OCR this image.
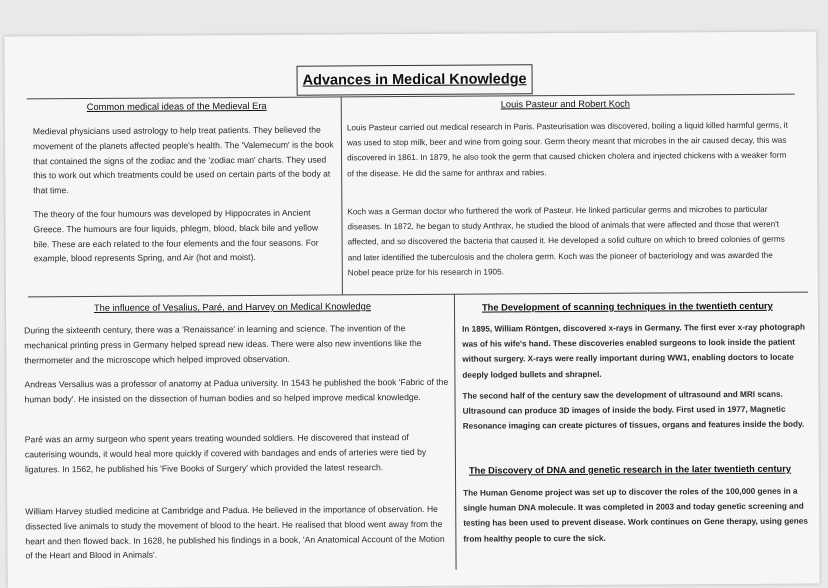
Advances in Medical Knowledge
Common medical ideas of the Medieval Era
Medieval physicians used astrology to help treat patients. They believed the movement of the planets affected people's health. The 'Valemecum' is the book that contained the signs of the zodiac and the 'zodiac man' charts. They used this to work out which treatments could be used on certain parts of the body at that time.
The theory of the four humours was developed by Hippocrates in Ancient Greece. The humours are four liquids, phlegm, blood, black bile and yellow bile. These are each related to the four elements and the four seasons. For example, blood represents Spring, and Air (hot and moist).
Louis Pasteur and Robert Koch
Louis Pasteur carried out medical research in Paris. Pasteurisation was discovered, boiling a liquid killed harmful germs, it was used to stop milk, beer and wine from going sour. Germ theory meant that microbes in the air caused decay, this was discovered in 1861. In 1879, he also took the germ that caused chicken cholera and injected chickens with a weaker form of the disease. He did the same for anthrax and rabies.
Koch was a German doctor who furthered the work of Pasteur. He linked particular germs and microbes to particular diseases. In 1872, he began to study Anthrax, he studied the blood of animals that were affected and those that weren't affected, and so discovered the bacteria that caused it. He developed a solid culture on which to breed colonies of germs and later identified the tuberculosis and the cholera germ. Koch was the pioneer of bacteriology and was awarded the Nobel peace prize for his research in 1905.
The influence of Vesalius, Paré, and Harvey on Medical Knowledge
During the sixteenth century, there was a 'Renaissance' in learning and science. The invention of the mechanical printing press in Germany helped spread new ideas. There were also new inventions like the thermometer and the microscope which helped improved observation.
Andreas Versalius was a professor of anatomy at Padua university. In 1543 he published the book 'Fabric of the human body'. He insisted on the dissection of human bodies and so helped improve medical knowledge.
Paré was an army surgeon who spent years treating wounded soldiers. He discovered that instead of cauterising wounds, it would heal more quickly if covered with bandages and ends of arteries were tied by ligatures. In 1562, he published his 'Five Books of Surgery' which provided the latest research.
William Harvey studied medicine at Cambridge and Padua. He believed in the importance of observation. He dissected live animals to study the movement of blood to the heart. He realised that blood went away from the heart and then flowed back. In 1628, he published his findings in a book, 'An Anatomical Account of the Motion of the Heart and Blood in Animals'.
The Development of scanning techniques in the twentieth century
In 1895, William Röntgen, discovered x-rays in Germany. The first ever x-ray photograph was of his wife's hand. These discoveries enabled surgeons to look inside the patient without surgery. X-rays were really important during WW1, enabling doctors to locate deeply lodged bullets and shrapnel.
The second half of the century saw the development of ultrasound and MRI scans. Ultrasound can produce 3D images of inside the body. First used in 1977, Magnetic Resonance imaging can create pictures of tissues, organs and features inside the body.
The Discovery of DNA and genetic research in the later twentieth century
The Human Genome project was set up to discover the roles of the 100,000 genes in a single human DNA molecule. It was completed in 2003 and today genetic screening and testing has been used to prevent disease. Work continues on Gene therapy, using genes from healthy people to cure the sick.
